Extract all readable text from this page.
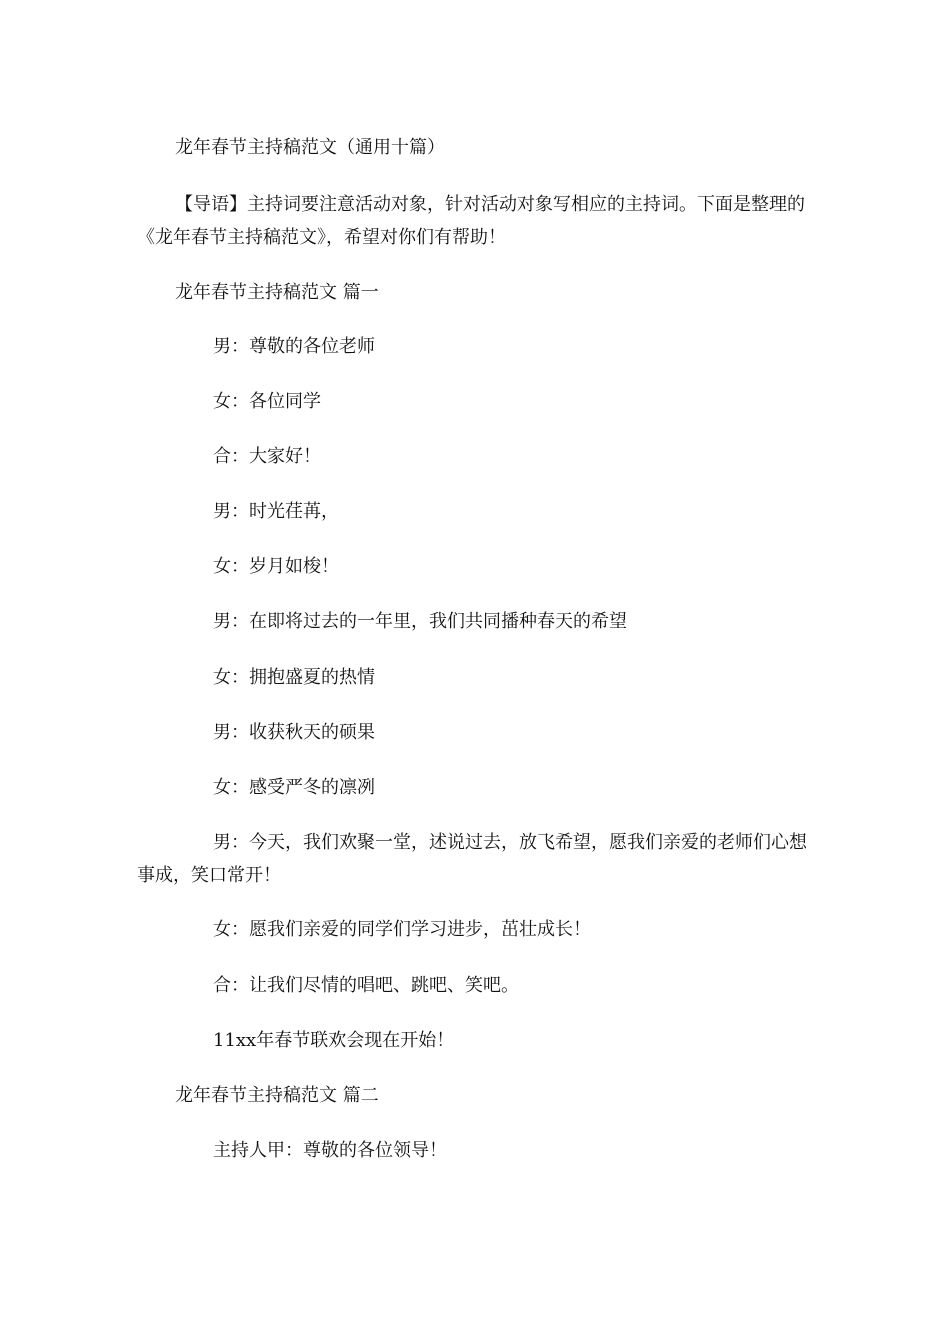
龙年春节主持稿范文（通用十篇）

【导语】主持词要注意活动对象，针对活动对象写相应的主持词。下面是整理的《龙年春节主持稿范文》，希望对你们有帮助！

龙年春节主持稿范文 篇一

男：尊敬的各位老师

女：各位同学

合：大家好！

男：时光荏苒，

女：岁月如梭！

男：在即将过去的一年里，我们共同播种春天的希望

女：拥抱盛夏的热情

男：收获秋天的硕果

女：感受严冬的凛冽

男：今天，我们欢聚一堂，述说过去，放飞希望，愿我们亲爱的老师们心想事成，笑口常开！

女：愿我们亲爱的同学们学习进步，茁壮成长！

合：让我们尽情的唱吧、跳吧、笑吧。

11xx年春节联欢会现在开始！

龙年春节主持稿范文 篇二

主持人甲：尊敬的各位领导！
